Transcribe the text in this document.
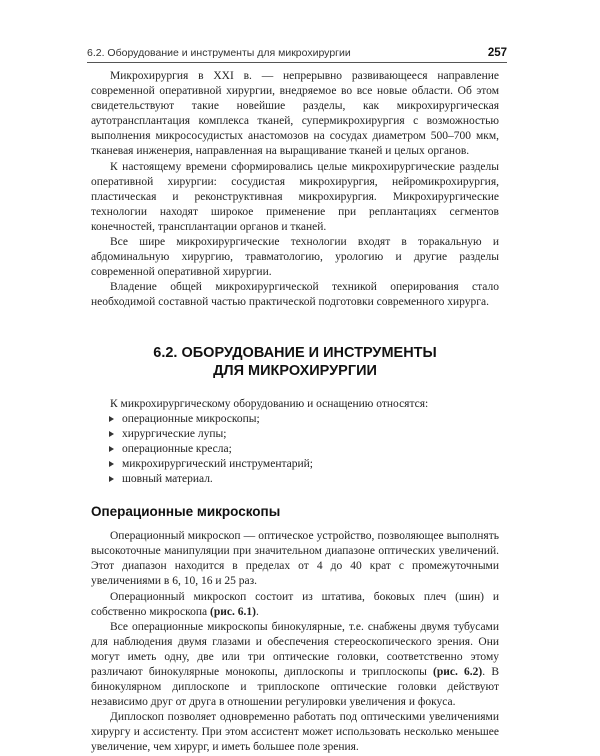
6.2. Оборудование и инструменты для микрохирургии	257

Микрохирургия в XXI в. — непрерывно развивающееся направление современной оперативной хирургии, внедряемое во все новые области. Об этом свидетельствуют такие новейшие разделы, как микрохирургическая аутотрансплантация комплекса тканей, супермикрохирургия с возможностью выполнения микрососудистых анастомозов на сосудах диаметром 500–700 мкм, тканевая инженерия, направленная на выращивание тканей и целых органов.

К настоящему времени сформировались целые микрохирургические разделы оперативной хирургии: сосудистая микрохирургия, нейромикрохирургия, пластическая и реконструктивная микрохирургия. Микрохирургические технологии находят широкое применение при реплантациях сегментов конечностей, трансплантации органов и тканей.

Все шире микрохирургические технологии входят в торакальную и абдоминальную хирургию, травматологию, урологию и другие разделы современной оперативной хирургии.

Владение общей микрохирургической техникой оперирования стало необходимой составной частью практической подготовки современного хирурга.

6.2. ОБОРУДОВАНИЕ И ИНСТРУМЕНТЫ
ДЛЯ МИКРОХИРУРГИИ

К микрохирургическому оборудованию и оснащению относятся:

операционные микроскопы;
хирургические лупы;
операционные кресла;
микрохирургический инструментарий;
шовный материал.
Операционные микроскопы

Операционный микроскоп — оптическое устройство, позволяющее выполнять высокоточные манипуляции при значительном диапазоне оптических увеличений. Этот диапазон находится в пределах от 4 до 40 крат с промежуточными увеличениями в 6, 10, 16 и 25 раз.

Операционный микроскоп состоит из штатива, боковых плеч (шин) и собственно микроскопа (рис. 6.1).

Все операционные микроскопы бинокулярные, т.е. снабжены двумя тубусами для наблюдения двумя глазами и обеспечения стереоскопического зрения. Они могут иметь одну, две или три оптические головки, соответственно этому различают бинокулярные монокопы, диплоскопы и триплоскопы (рис. 6.2). В бинокулярном диплоскопе и триплоскопе оптические головки действуют независимо друг от друга в отношении регулировки увеличения и фокуса.

Диплоскоп позволяет одновременно работать под оптическими увеличениями хирургу и ассистенту. При этом ассистент может использовать несколько меньшее увеличение, чем хирург, и иметь большее поле зрения.
